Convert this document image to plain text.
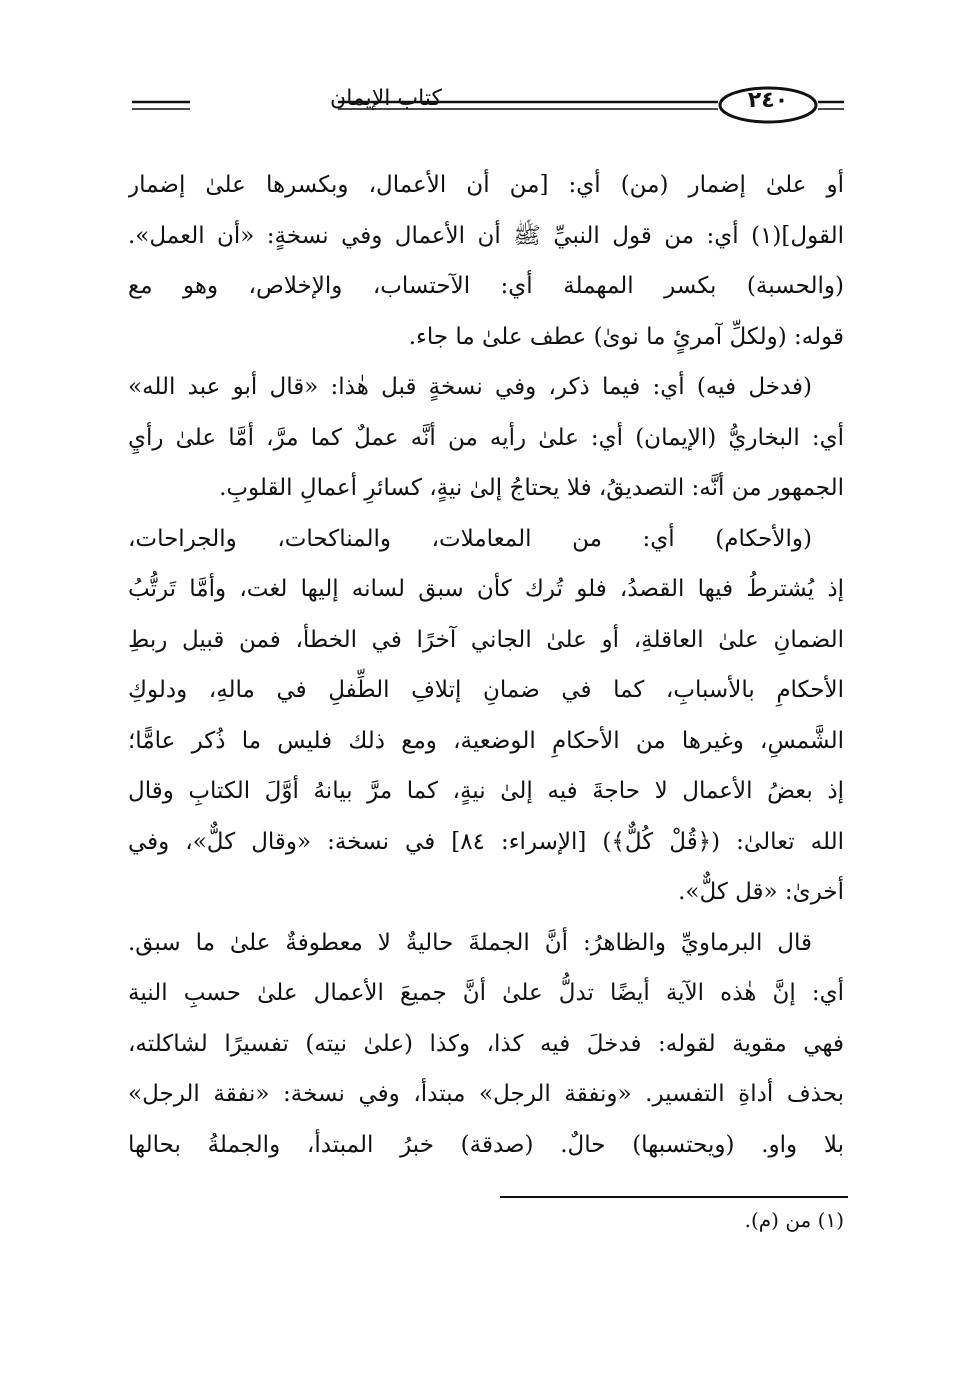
كتاب الإيمان	٢٤٠
أو علىٰ إضمار (من) أي: [من أن الأعمال، وبكسرها علىٰ إضمار
القول](١) أي: من قول النبيِّ ﷺ أن الأعمال وفي نسخةٍ: «أن العمل».
(والحسبة) بكسر المهملة أي: الآحتساب، والإخلاص، وهو مع
قوله: (ولكلِّ آمرئٍ ما نوىٰ) عطف علىٰ ما جاء.
(فدخل فيه) أي: فيما ذكر، وفي نسخةٍ قبل هٰذا: «قال أبو عبد الله»
أي: البخاريُّ (الإيمان) أي: علىٰ رأيه من أنَّه عملٌ كما مرَّ، أمَّا علىٰ رأيِ
الجمهور من أنَّه: التصديقُ، فلا يحتاجُ إلىٰ نيةٍ، كسائرِ أعمالِ القلوبِ.
(والأحكام) أي: من المعاملات، والمناكحات، والجراحات،
إذ يُشترطُ فيها القصدُ، فلو تُرك كأن سبق لسانه إليها لغت، وأمَّا تَرتُّبُ
الضمانِ علىٰ العاقلةِ، أو علىٰ الجاني آخرًا في الخطأ، فمن قبيل ربطِ
الأحكامِ بالأسبابِ، كما في ضمانِ إتلافِ الطِّفلِ في مالهِ، ودلوكِ
الشَّمسِ، وغيرها من الأحكامِ الوضعية، ومع ذلك فليس ما ذُكر عامًّا؛
إذ بعضُ الأعمال لا حاجةَ فيه إلىٰ نيةٍ، كما مرَّ بيانهُ أوَّلَ الكتابِ وقال
الله تعالىٰ: (﴿قُلْ كُلٌّ﴾) [الإسراء: ٨٤] في نسخة: «وقال كلٌّ»، وفي
أخرىٰ: «قل كلٌّ».
قال البرماويِّ والظاهرُ: أنَّ الجملةَ حاليةٌ لا معطوفةٌ علىٰ ما سبق.
أي: إنَّ هٰذه الآية أيضًا تدلُّ علىٰ أنَّ جميعَ الأعمال علىٰ حسبِ النية
فهي مقوية لقوله: فدخلَ فيه كذا، وكذا (علىٰ نيته) تفسيرًا لشاكلته،
بحذف أداةِ التفسير. «ونفقة الرجل» مبتدأ، وفي نسخة: «نفقة الرجل»
بلا واو. (ويحتسبها) حالٌ. (صدقة) خبرُ المبتدأ، والجملةُ بحالها
(١) من (م).
